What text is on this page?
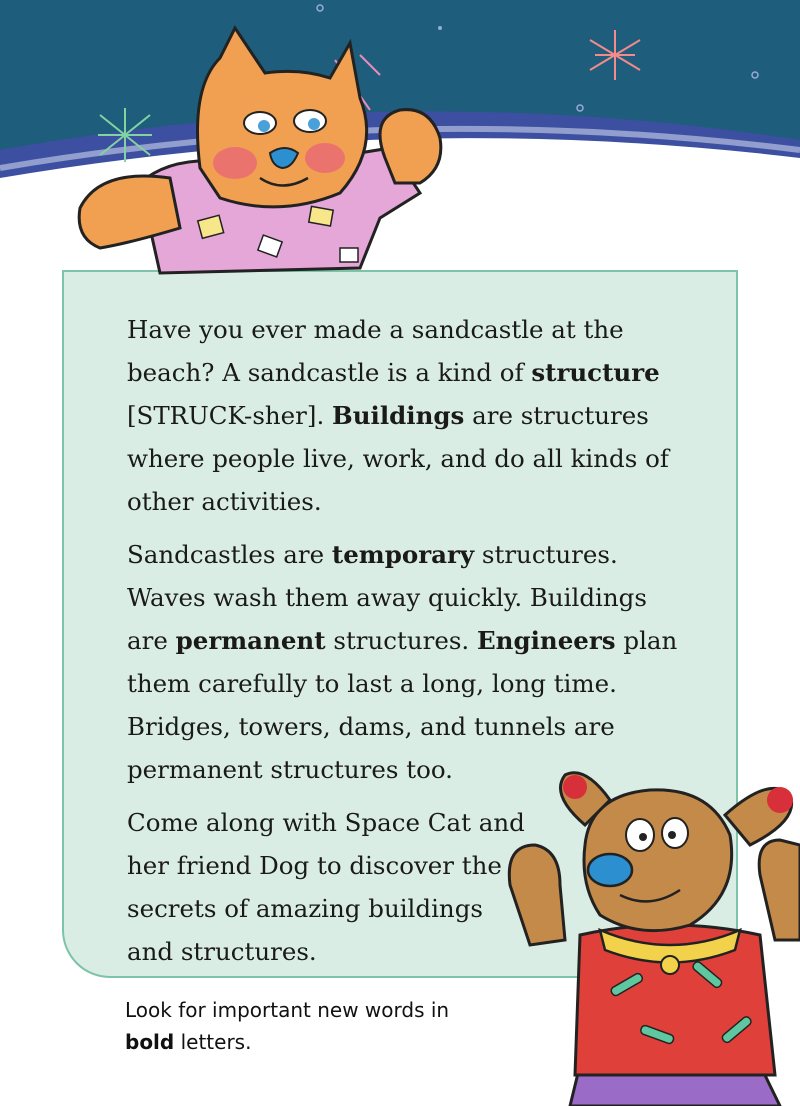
Have you ever made a sandcastle at the beach? A sandcastle is a kind of structure [STRUCK-sher]. Buildings are structures where people live, work, and do all kinds of other activities.

Sandcastles are temporary structures. Waves wash them away quickly. Buildings are permanent structures. Engineers plan them carefully to last a long, long time. Bridges, towers, dams, and tunnels are permanent structures too.

Come along with Space Cat and
her friend Dog to discover the
secrets of amazing buildings
and structures.

Look for important new words in
bold letters.
